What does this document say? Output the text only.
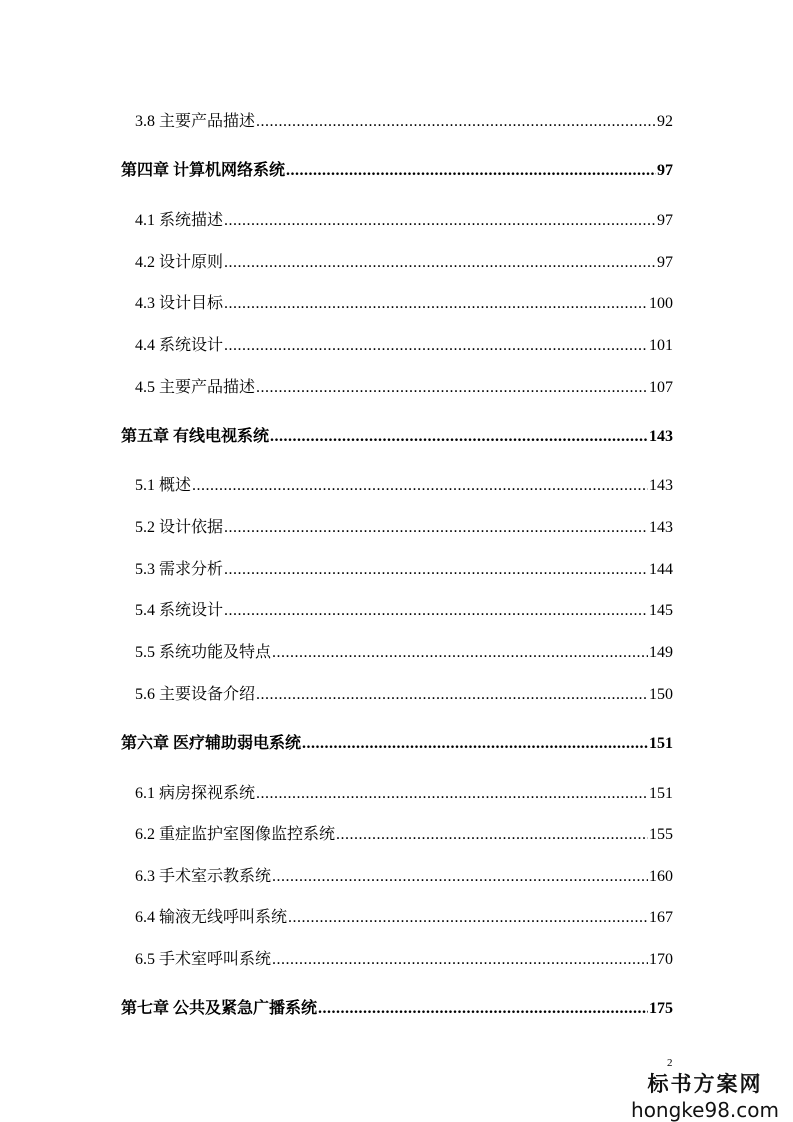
3.8 主要产品描述 .....	92
第四章 计算机网络系统 .....	97
4.1 系统描述 .....	97
4.2 设计原则 .....	97
4.3 设计目标 .....	100
4.4 系统设计 .....	101
4.5 主要产品描述 .....	107
第五章 有线电视系统 .....	143
5.1 概述 .....	143
5.2 设计依据 .....	143
5.3 需求分析 .....	144
5.4 系统设计 .....	145
5.5 系统功能及特点 .....	149
5.6 主要设备介绍 .....	150
第六章 医疗辅助弱电系统 .....	151
6.1 病房探视系统 .....	151
6.2 重症监护室图像监控系统 .....	155
6.3 手术室示教系统 .....	160
6.4 输液无线呼叫系统 .....	167
6.5 手术室呼叫系统 .....	170
第七章 公共及紧急广播系统 .....	175
2
标书方案网
hongke98.com
